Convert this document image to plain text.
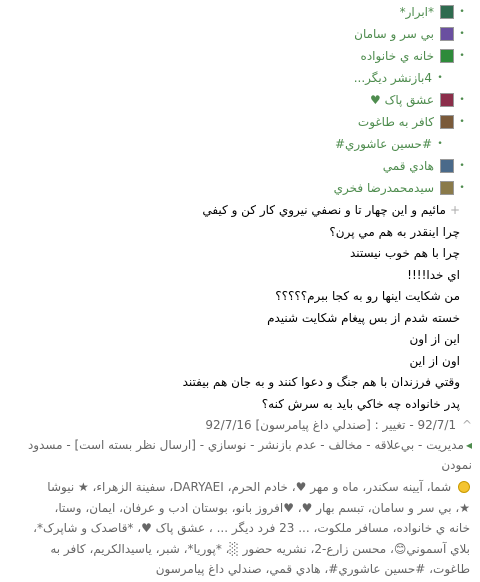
•
*ابرار*
•
بي سر و سامان
•
خانه ي خانواده
•
4بازنشر ديگر...
•
عشق پاک ♥
•
كافر به طاغوت
•
#حسين عاشوري#
•
هادي قمي
•
سيدمحمدرضا فخري
+مائيم و اين چهار تا و نصفي نيروي كار كن و كيفي
چرا اينقدر به هم مي پرن؟
چرا با هم خوب نيستند
اي خدا!!!!
من شكايت اينها رو به كجا ببرم؟؟؟؟؟
خسته شدم از بس پيغام شكايت شنيدم
اين از اون
اون از اين
وقتي فرزندان با هم جنگ و دعوا كنند و به جان هم بيفتند
پدر خانواده چه خاكي بايد به سرش كنه؟
^ 92/7/1 - تغيير : [صندلي داغ پيامرسون] 92/7/16
◂مديريت - بي‌علاقه - مخالف - عدم بازنشر - نوسازي - [ارسال نظر بسته است] - مسدود نمودن
شما، آيينه سكندر، ماه و مهر ♥، خادم الحرم، DARYAEI، سفينة الزهراء، ★ نيوشا ★، بي سر و سامان، تبسم بهار ♥، ♥افروز بانو، بوستان ادب و عرفان، ايمان، وستا، خانه ي خانواده، مسافر ملكوت، ... 23 فرد ديگر ... ، عشق پاک ♥، *قاصدک و شاپرک*، بلاي آسموني😊، محسن زارع-2، نشريه حضور ░، *پوريا*، شبر، ياسيدالكريم، كافر به طاغوت، #حسين عاشوري#، هادي قمي، صندلي داغ پيامرسون
